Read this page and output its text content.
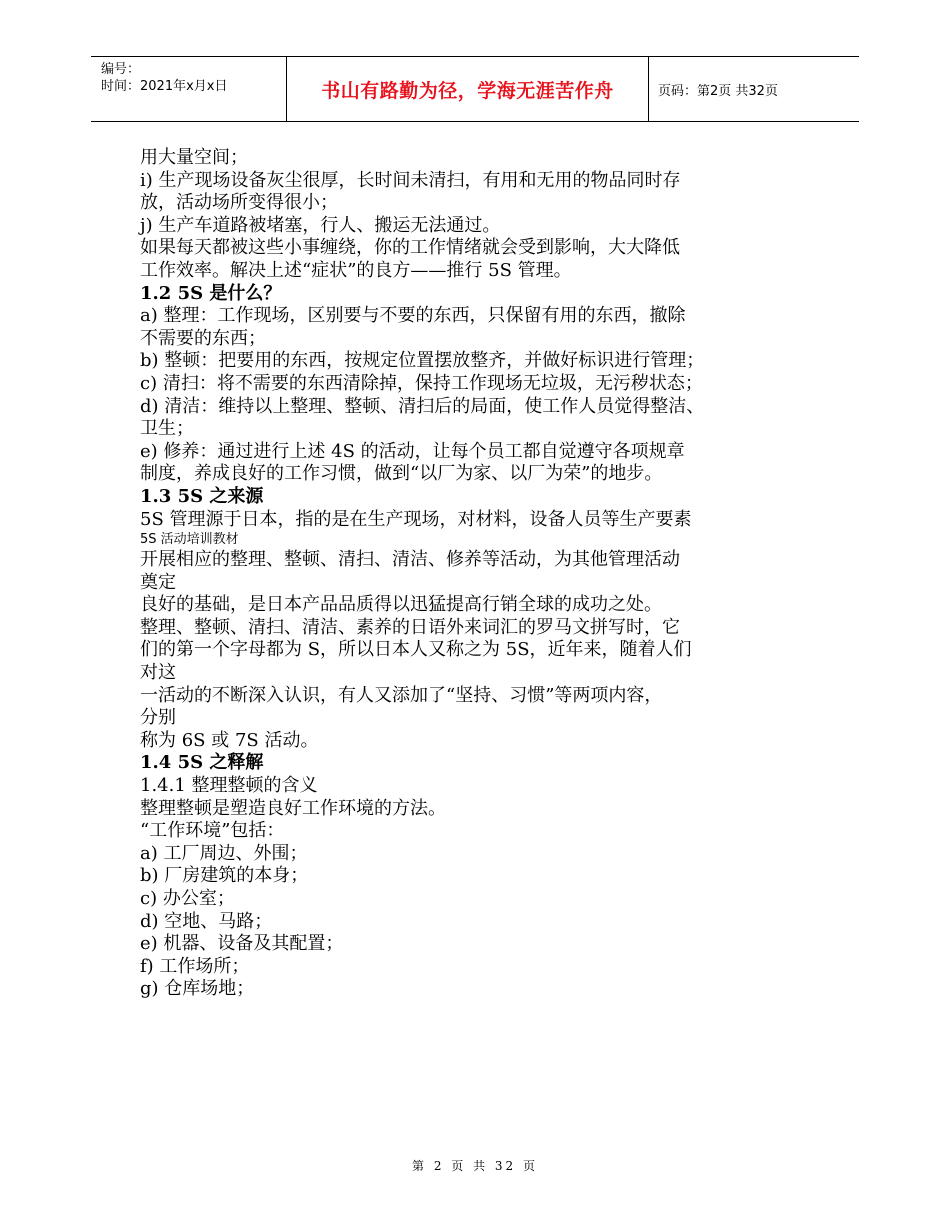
编号：
时间：2021年x月x日	书山有路勤为径，学海无涯苦作舟	页码：第2页 共32页
用大量空间；
i) 生产现场设备灰尘很厚，长时间未清扫，有用和无用的物品同时存
放，活动场所变得很小；
j) 生产车道路被堵塞，行人、搬运无法通过。
如果每天都被这些小事缠绕，你的工作情绪就会受到影响，大大降低
工作效率。解决上述“症状”的良方——推行 5S 管理。
1.2 5S 是什么？
a) 整理：工作现场，区别要与不要的东西，只保留有用的东西，撤除
不需要的东西；
b) 整顿：把要用的东西，按规定位置摆放整齐，并做好标识进行管理；
c) 清扫：将不需要的东西清除掉，保持工作现场无垃圾，无污秽状态；
d) 清洁：维持以上整理、整顿、清扫后的局面，使工作人员觉得整洁、
卫生；
e) 修养：通过进行上述 4S 的活动，让每个员工都自觉遵守各项规章
制度，养成良好的工作习惯，做到“以厂为家、以厂为荣”的地步。
1.3 5S 之来源
5S 管理源于日本，指的是在生产现场，对材料，设备人员等生产要素
5S 活动培训教材
开展相应的整理、整顿、清扫、清洁、修养等活动，为其他管理活动
奠定
良好的基础，是日本产品品质得以迅猛提高行销全球的成功之处。
整理、整顿、清扫、清洁、素养的日语外来词汇的罗马文拼写时，它
们的第一个字母都为 S，所以日本人又称之为 5S，近年来，随着人们
对这
一活动的不断深入认识，有人又添加了“坚持、习惯”等两项内容，
分别
称为 6S 或 7S 活动。
1.4 5S 之释解
1.4.1 整理整顿的含义
整理整顿是塑造良好工作环境的方法。
“工作环境”包括：
a) 工厂周边、外围；
b) 厂房建筑的本身；
c) 办公室；
d) 空地、马路；
e) 机器、设备及其配置；
f) 工作场所；
g) 仓库场地；
第 2 页 共 32 页
